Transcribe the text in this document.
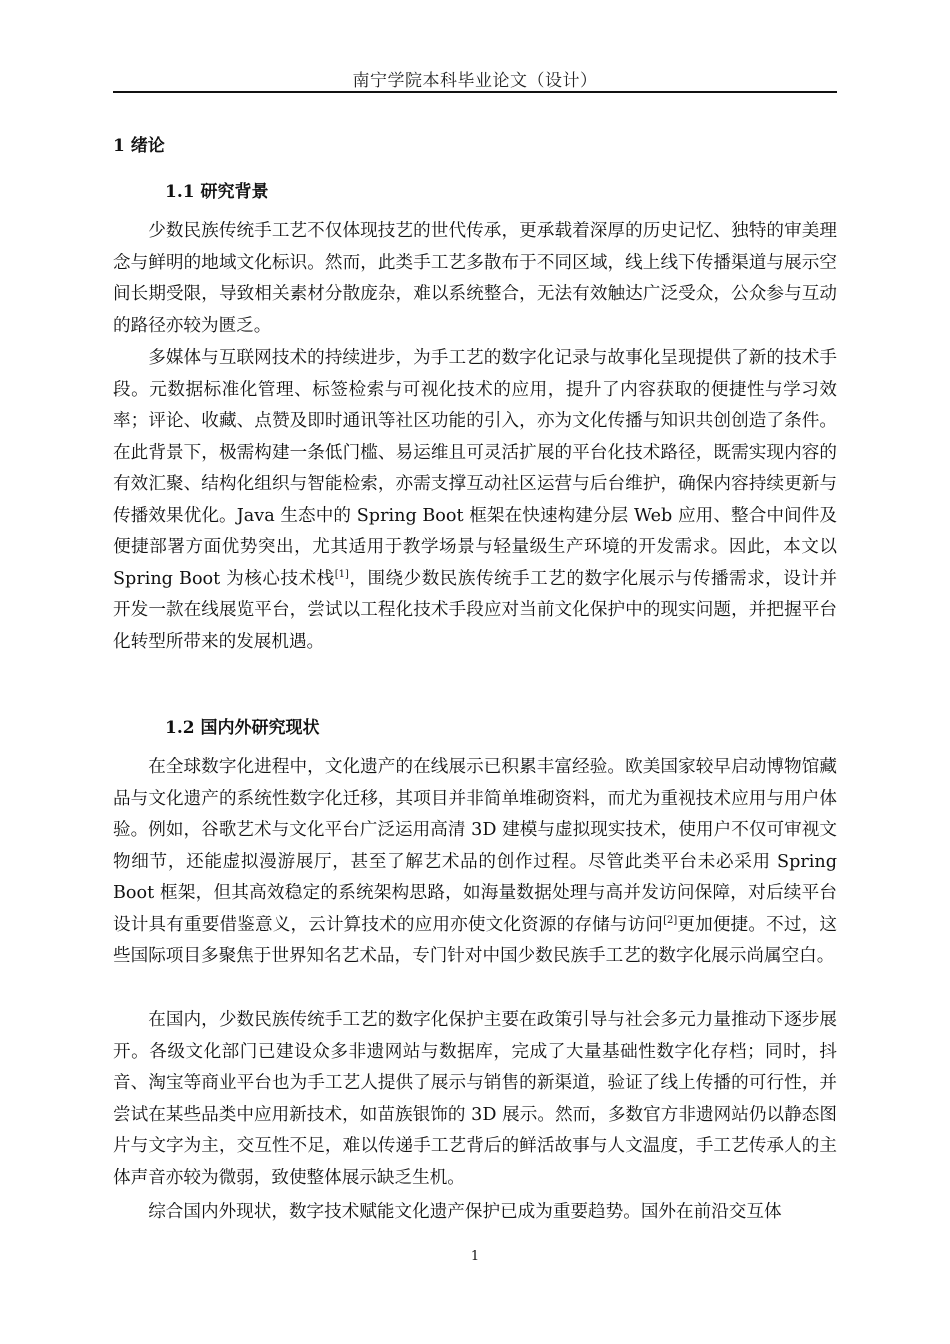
南宁学院本科毕业论文（设计）
1 绪论
1.1 研究背景
少数民族传统手工艺不仅体现技艺的世代传承，更承载着深厚的历史记忆、独特的审美理念与鲜明的地域文化标识。然而，此类手工艺多散布于不同区域，线上线下传播渠道与展示空间长期受限，导致相关素材分散庞杂，难以系统整合，无法有效触达广泛受众，公众参与互动的路径亦较为匮乏。
多媒体与互联网技术的持续进步，为手工艺的数字化记录与故事化呈现提供了新的技术手段。元数据标准化管理、标签检索与可视化技术的应用，提升了内容获取的便捷性与学习效率；评论、收藏、点赞及即时通讯等社区功能的引入，亦为文化传播与知识共创创造了条件。在此背景下，极需构建一条低门槛、易运维且可灵活扩展的平台化技术路径，既需实现内容的有效汇聚、结构化组织与智能检索，亦需支撑互动社区运营与后台维护，确保内容持续更新与传播效果优化。Java 生态中的 Spring Boot 框架在快速构建分层 Web 应用、整合中间件及便捷部署方面优势突出，尤其适用于教学场景与轻量级生产环境的开发需求。因此，本文以 Spring Boot 为核心技术栈[1]，围绕少数民族传统手工艺的数字化展示与传播需求，设计并开发一款在线展览平台，尝试以工程化技术手段应对当前文化保护中的现实问题，并把握平台化转型所带来的发展机遇。
1.2 国内外研究现状
在全球数字化进程中，文化遗产的在线展示已积累丰富经验。欧美国家较早启动博物馆藏品与文化遗产的系统性数字化迁移，其项目并非简单堆砌资料，而尤为重视技术应用与用户体验。例如，谷歌艺术与文化平台广泛运用高清 3D 建模与虚拟现实技术，使用户不仅可审视文物细节，还能虚拟漫游展厅，甚至了解艺术品的创作过程。尽管此类平台未必采用 Spring Boot 框架，但其高效稳定的系统架构思路，如海量数据处理与高并发访问保障，对后续平台设计具有重要借鉴意义，云计算技术的应用亦使文化资源的存储与访问[2]更加便捷。不过，这些国际项目多聚焦于世界知名艺术品，专门针对中国少数民族手工艺的数字化展示尚属空白。
在国内，少数民族传统手工艺的数字化保护主要在政策引导与社会多元力量推动下逐步展开。各级文化部门已建设众多非遗网站与数据库，完成了大量基础性数字化存档；同时，抖音、淘宝等商业平台也为手工艺人提供了展示与销售的新渠道，验证了线上传播的可行性，并尝试在某些品类中应用新技术，如苗族银饰的 3D 展示。然而，多数官方非遗网站仍以静态图片与文字为主，交互性不足，难以传递手工艺背后的鲜活故事与人文温度，手工艺传承人的主体声音亦较为微弱，致使整体展示缺乏生机。
综合国内外现状，数字技术赋能文化遗产保护已成为重要趋势。国外在前沿交互体
1
